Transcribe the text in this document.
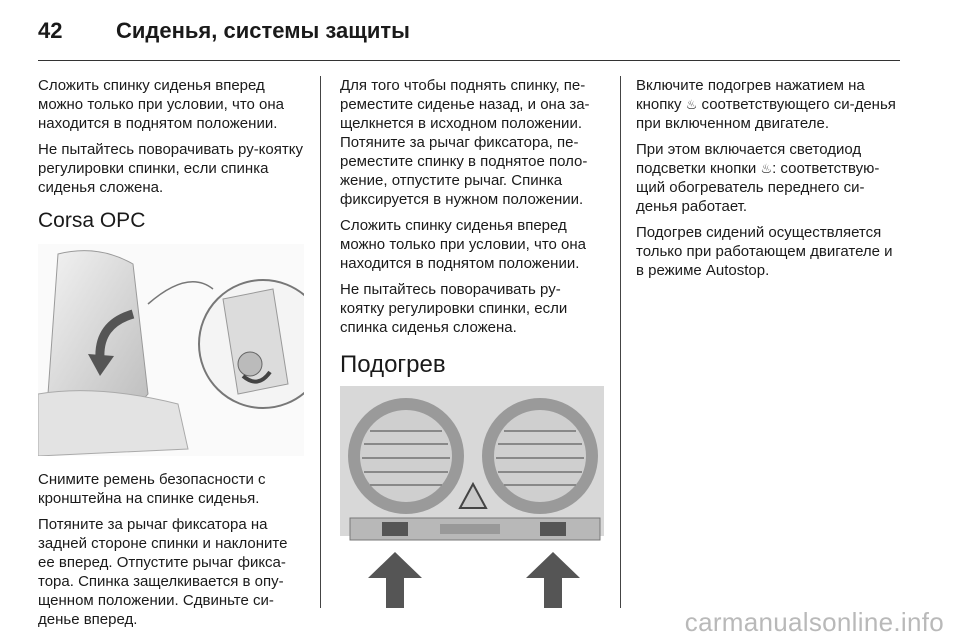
42 Сиденья, системы защиты

Сложить спинку сиденья вперед можно только при условии, что она находится в поднятом положении.

Не пытайтесь поворачивать ру-коятку регулировки спинки, если спинка сиденья сложена.

Corsa OPC

Снимите ремень безопасности с кронштейна на спинке сиденья.

Потяните за рычаг фиксатора на задней стороне спинки и наклоните ее вперед. Отпустите рычаг фикса-тора. Спинка защелкивается в опу-щенном положении. Сдвиньте си-денье вперед.

Для того чтобы поднять спинку, пе-реместите сиденье назад, и она за-щелкнется в исходном положении. Потяните за рычаг фиксатора, пе-реместите спинку в поднятое поло-жение, отпустите рычаг. Спинка фиксируется в нужном положении.

Сложить спинку сиденья вперед можно только при условии, что она находится в поднятом положении.

Не пытайтесь поворачивать ру-коятку регулировки спинки, если спинка сиденья сложена.

Подогрев

Включите подогрев нажатием на кнопку ♨ соответствующего си-денья при включенном двигателе.

При этом включается светодиод подсветки кнопки ♨: соответствую-щий обогреватель переднего си-денья работает.

Подогрев сидений осуществляется только при работающем двигателе и в режиме Autostop.

carmanualsonline.info
